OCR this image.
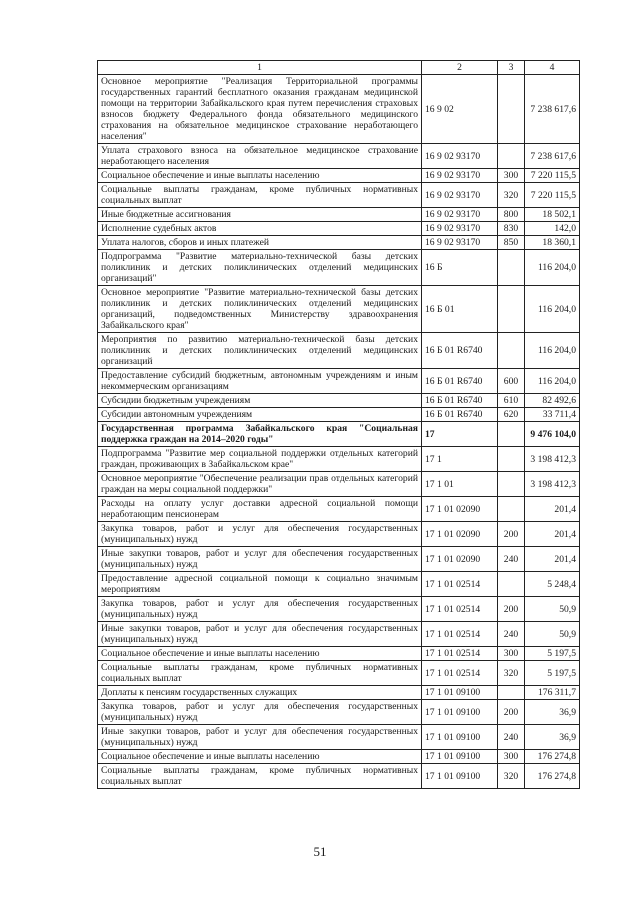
1	2	3	4
Основное мероприятие "Реализация Территориальной программы государственных гарантий бесплатного оказания гражданам медицинской помощи на территории Забайкальского края путем перечисления страховых взносов бюджету Федерального фонда обязательного медицинского страхования на обязательное медицинское страхование неработающего населения"	16 9 02		7 238 617,6
Уплата страхового взноса на обязательное медицинское страхование неработающего населения	16 9 02 93170		7 238 617,6
Социальное обеспечение и иные выплаты населению	16 9 02 93170	300	7 220 115,5
Социальные выплаты гражданам, кроме публичных нормативных социальных выплат	16 9 02 93170	320	7 220 115,5
Иные бюджетные ассигнования	16 9 02 93170	800	18 502,1
Исполнение судебных актов	16 9 02 93170	830	142,0
Уплата налогов, сборов и иных платежей	16 9 02 93170	850	18 360,1
Подпрограмма "Развитие материально-технической базы детских поликлиник и детских поликлинических отделений медицинских организаций"	16 Б		116 204,0
Основное мероприятие "Развитие материально-технической базы детских поликлиник и детских поликлинических отделений медицинских организаций, подведомственных Министерству здравоохранения Забайкальского края"	16 Б 01		116 204,0
Мероприятия по развитию материально-технической базы детских поликлиник и детских поликлинических отделений медицинских организаций	16 Б 01 R6740		116 204,0
Предоставление субсидий бюджетным, автономным учреждениям и иным некоммерческим организациям	16 Б 01 R6740	600	116 204,0
Субсидии бюджетным учреждениям	16 Б 01 R6740	610	82 492,6
Субсидии автономным учреждениям	16 Б 01 R6740	620	33 711,4
Государственная программа Забайкальского края "Социальная поддержка граждан на 2014–2020 годы"	17		9 476 104,0
Подпрограмма "Развитие мер социальной поддержки отдельных категорий граждан, проживающих в Забайкальском крае"	17 1		3 198 412,3
Основное мероприятие "Обеспечение реализации прав отдельных категорий граждан на меры социальной поддержки"	17 1 01		3 198 412,3
Расходы на оплату услуг доставки адресной социальной помощи неработающим пенсионерам	17 1 01 02090		201,4
Закупка товаров, работ и услуг для обеспечения государственных (муниципальных) нужд	17 1 01 02090	200	201,4
Иные закупки товаров, работ и услуг для обеспечения государственных (муниципальных) нужд	17 1 01 02090	240	201,4
Предоставление адресной социальной помощи к социально значимым мероприятиям	17 1 01 02514		5 248,4
Закупка товаров, работ и услуг для обеспечения государственных (муниципальных) нужд	17 1 01 02514	200	50,9
Иные закупки товаров, работ и услуг для обеспечения государственных (муниципальных) нужд	17 1 01 02514	240	50,9
Социальное обеспечение и иные выплаты населению	17 1 01 02514	300	5 197,5
Социальные выплаты гражданам, кроме публичных нормативных социальных выплат	17 1 01 02514	320	5 197,5
Доплаты к пенсиям государственных служащих	17 1 01 09100		176 311,7
Закупка товаров, работ и услуг для обеспечения государственных (муниципальных) нужд	17 1 01 09100	200	36,9
Иные закупки товаров, работ и услуг для обеспечения государственных (муниципальных) нужд	17 1 01 09100	240	36,9
Социальное обеспечение и иные выплаты населению	17 1 01 09100	300	176 274,8
Социальные выплаты гражданам, кроме публичных нормативных социальных выплат	17 1 01 09100	320	176 274,8
51
